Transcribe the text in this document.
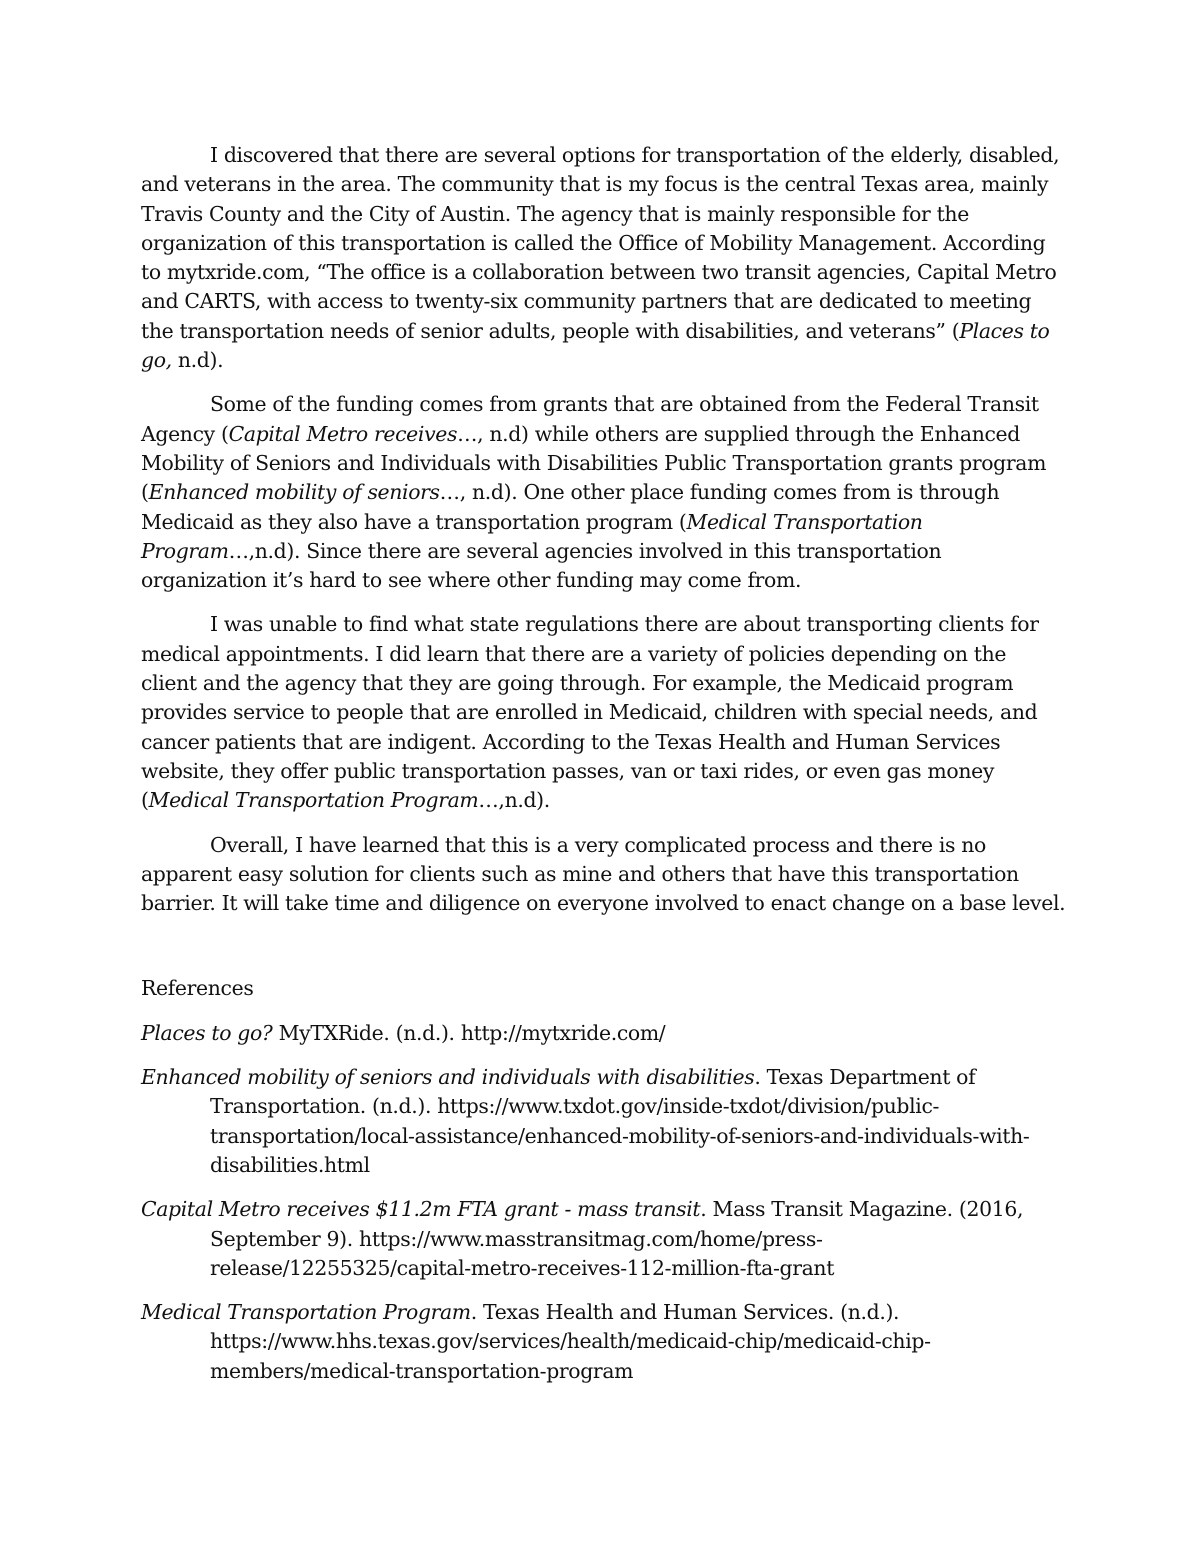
I discovered that there are several options for transportation of the elderly, disabled, and veterans in the area. The community that is my focus is the central Texas area, mainly Travis County and the City of Austin. The agency that is mainly responsible for the organization of this transportation is called the Office of Mobility Management. According to mytxride.com, “The office is a collaboration between two transit agencies, Capital Metro and CARTS, with access to twenty-six community partners that are dedicated to meeting the transportation needs of senior adults, people with disabilities, and veterans” (Places to go, n.d).

Some of the funding comes from grants that are obtained from the Federal Transit Agency (Capital Metro receives…, n.d) while others are supplied through the Enhanced Mobility of Seniors and Individuals with Disabilities Public Transportation grants program (Enhanced mobility of seniors…, n.d). One other place funding comes from is through Medicaid as they also have a transportation program (Medical Transportation Program…,n.d). Since there are several agencies involved in this transportation organization it’s hard to see where other funding may come from.

I was unable to find what state regulations there are about transporting clients for medical appointments. I did learn that there are a variety of policies depending on the client and the agency that they are going through. For example, the Medicaid program provides service to people that are enrolled in Medicaid, children with special needs, and cancer patients that are indigent. According to the Texas Health and Human Services website, they offer public transportation passes, van or taxi rides, or even gas money (Medical Transportation Program…,n.d).

Overall, I have learned that this is a very complicated process and there is no apparent easy solution for clients such as mine and others that have this transportation barrier. It will take time and diligence on everyone involved to enact change on a base level.

References

Places to go? MyTXRide. (n.d.). http://mytxride.com/

Enhanced mobility of seniors and individuals with disabilities. Texas Department of Transportation. (n.d.). https://www.txdot.gov/inside-txdot/division/public-transportation/local-assistance/enhanced-mobility-of-seniors-and-individuals-with-disabilities.html

Capital Metro receives $11.2m FTA grant - mass transit. Mass Transit Magazine. (2016, September 9). https://www.masstransitmag.com/home/press-release/12255325/capital-metro-receives-112-million-fta-grant

Medical Transportation Program. Texas Health and Human Services. (n.d.). https://www.hhs.texas.gov/services/health/medicaid-chip/medicaid-chip-members/medical-transportation-program
